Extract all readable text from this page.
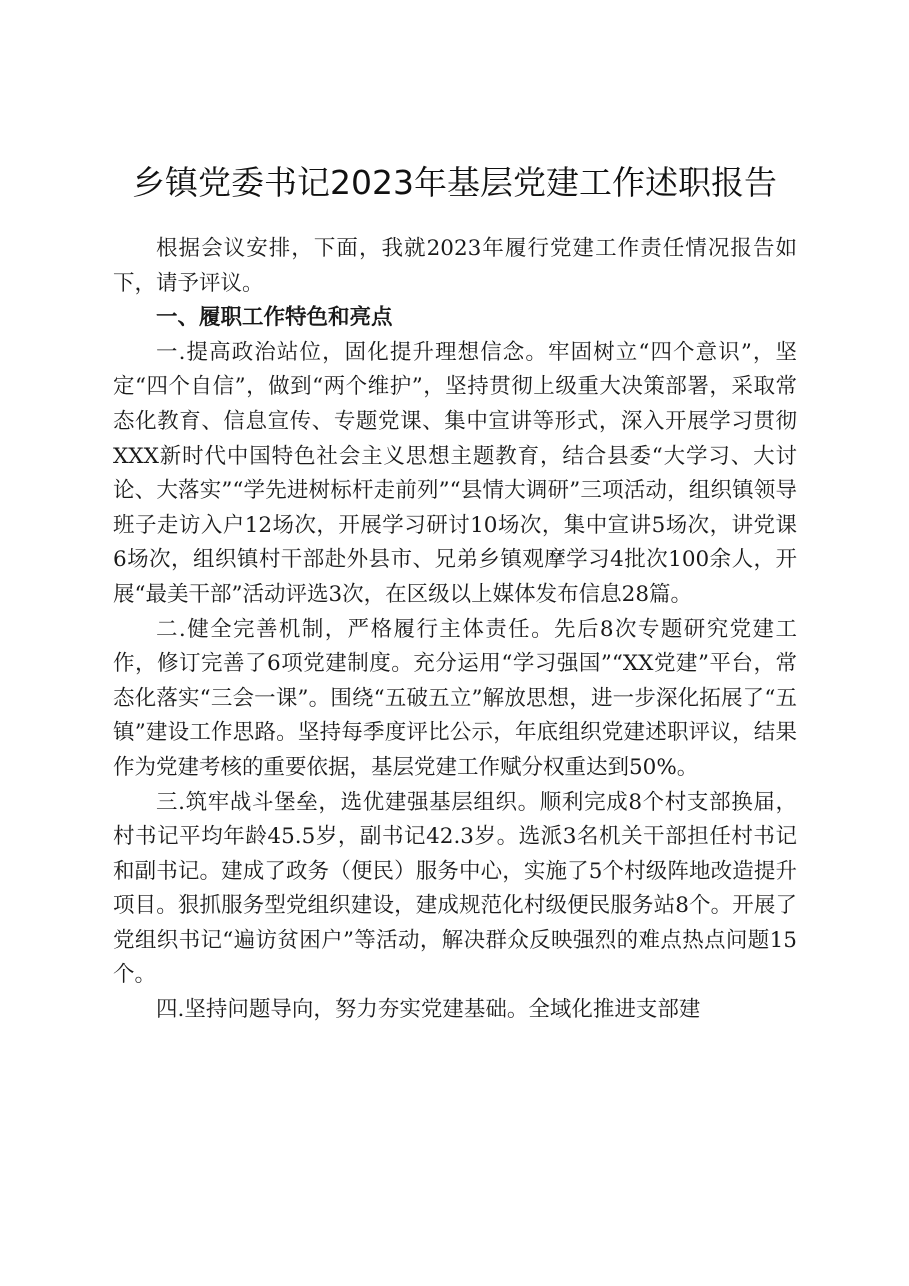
乡镇党委书记2023年基层党建工作述职报告

根据会议安排，下面，我就2023年履行党建工作责任情况报告如下，请予评议。

一、履职工作特色和亮点

一.提高政治站位，固化提升理想信念。牢固树立“四个意识”，坚定“四个自信”，做到“两个维护”，坚持贯彻上级重大决策部署，采取常态化教育、信息宣传、专题党课、集中宣讲等形式，深入开展学习贯彻XXX新时代中国特色社会主义思想主题教育，结合县委“大学习、大讨论、大落实”“学先进树标杆走前列”“县情大调研”三项活动，组织镇领导班子走访入户12场次，开展学习研讨10场次，集中宣讲5场次，讲党课6场次，组织镇村干部赴外县市、兄弟乡镇观摩学习4批次100余人，开展“最美干部”活动评选3次，在区级以上媒体发布信息28篇。

二.健全完善机制，严格履行主体责任。先后8次专题研究党建工作，修订完善了6项党建制度。充分运用“学习强国”“XX党建”平台，常态化落实“三会一课”。围绕“五破五立”解放思想，进一步深化拓展了“五镇”建设工作思路。坚持每季度评比公示，年底组织党建述职评议，结果作为党建考核的重要依据，基层党建工作赋分权重达到50%。

三.筑牢战斗堡垒，选优建强基层组织。顺利完成8个村支部换届，村书记平均年龄45.5岁，副书记42.3岁。选派3名机关干部担任村书记和副书记。建成了政务（便民）服务中心，实施了5个村级阵地改造提升项目。狠抓服务型党组织建设，建成规范化村级便民服务站8个。开展了党组织书记“遍访贫困户”等活动，解决群众反映强烈的难点热点问题15个。

四.坚持问题导向，努力夯实党建基础。全域化推进支部建
